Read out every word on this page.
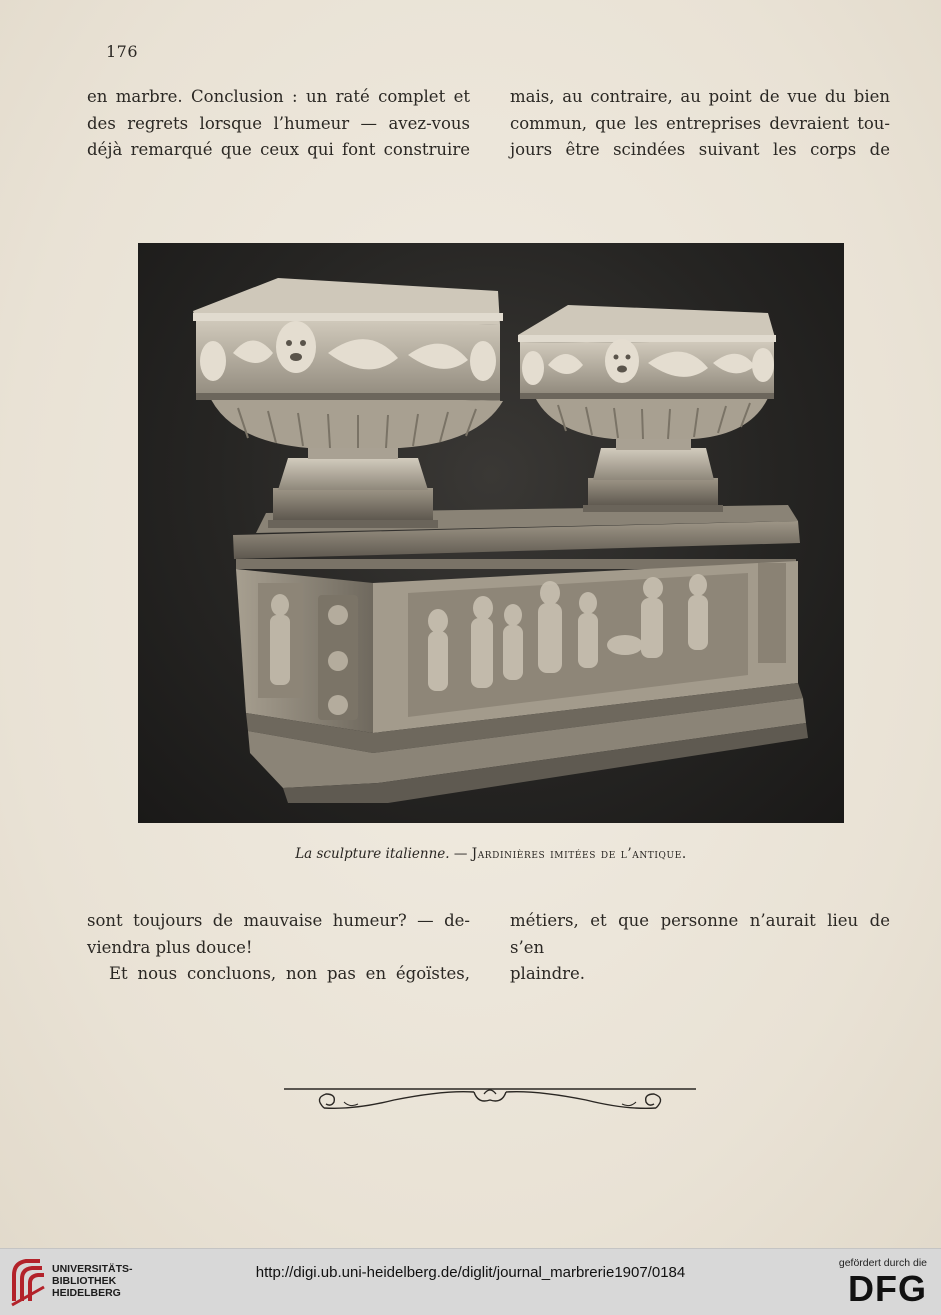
176

en marbre. Conclusion : un raté complet et

des regrets lorsque l’humeur — avez-vous

déjà remarqué que ceux qui font construire

mais, au contraire, au point de vue du bien

commun, que les entreprises devraient tou-

jours être scindées suivant les corps de

La sculpture italienne. — Jardinières imitées de l’antique.

sont toujours de mauvaise humeur? — de-

viendra plus douce!

Et nous concluons, non pas en égoïstes,

métiers, et que personne n’aurait lieu de s’en

plaindre.

UNIVERSITÄTS-
BIBLIOTHEK
HEIDELBERG
http://digi.ub.uni-heidelberg.de/diglit/journal_marbrerie1907/0184
gefördert durch die
DFG
